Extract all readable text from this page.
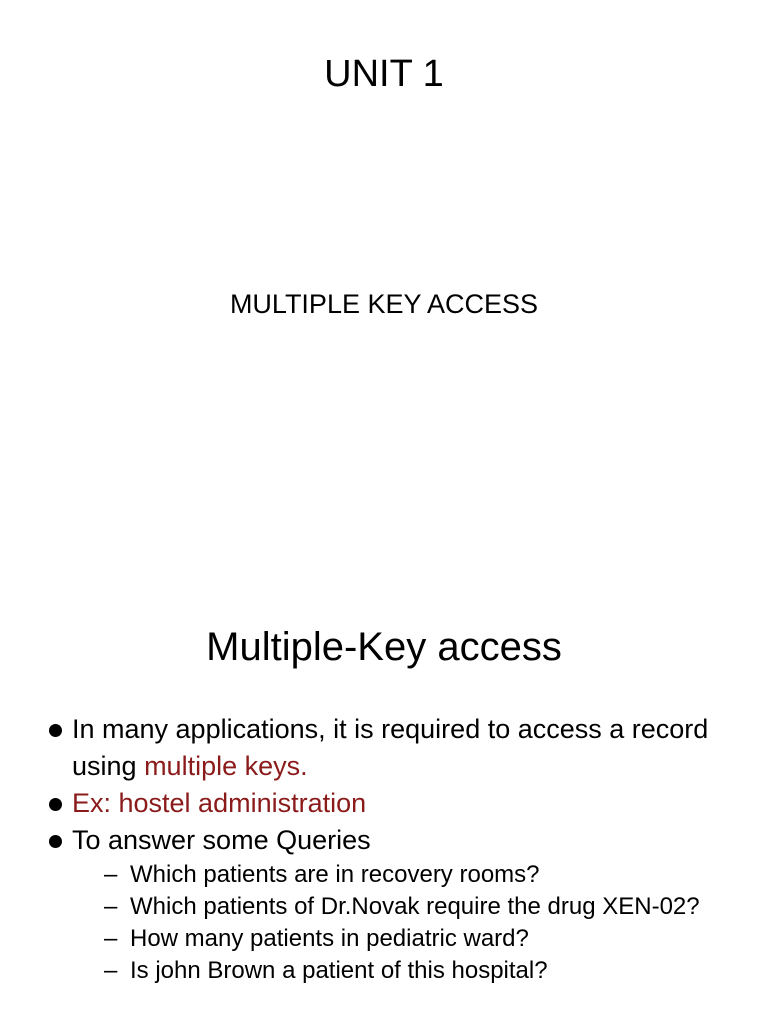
UNIT 1
MULTIPLE KEY ACCESS
Multiple-Key access
In many applications, it is required to access a record using multiple keys.
Ex: hostel administration
To answer some Queries
– Which patients are in recovery rooms?
– Which patients of Dr.Novak require the drug XEN-02?
– How many patients in pediatric ward?
– Is john Brown a patient of this hospital?
